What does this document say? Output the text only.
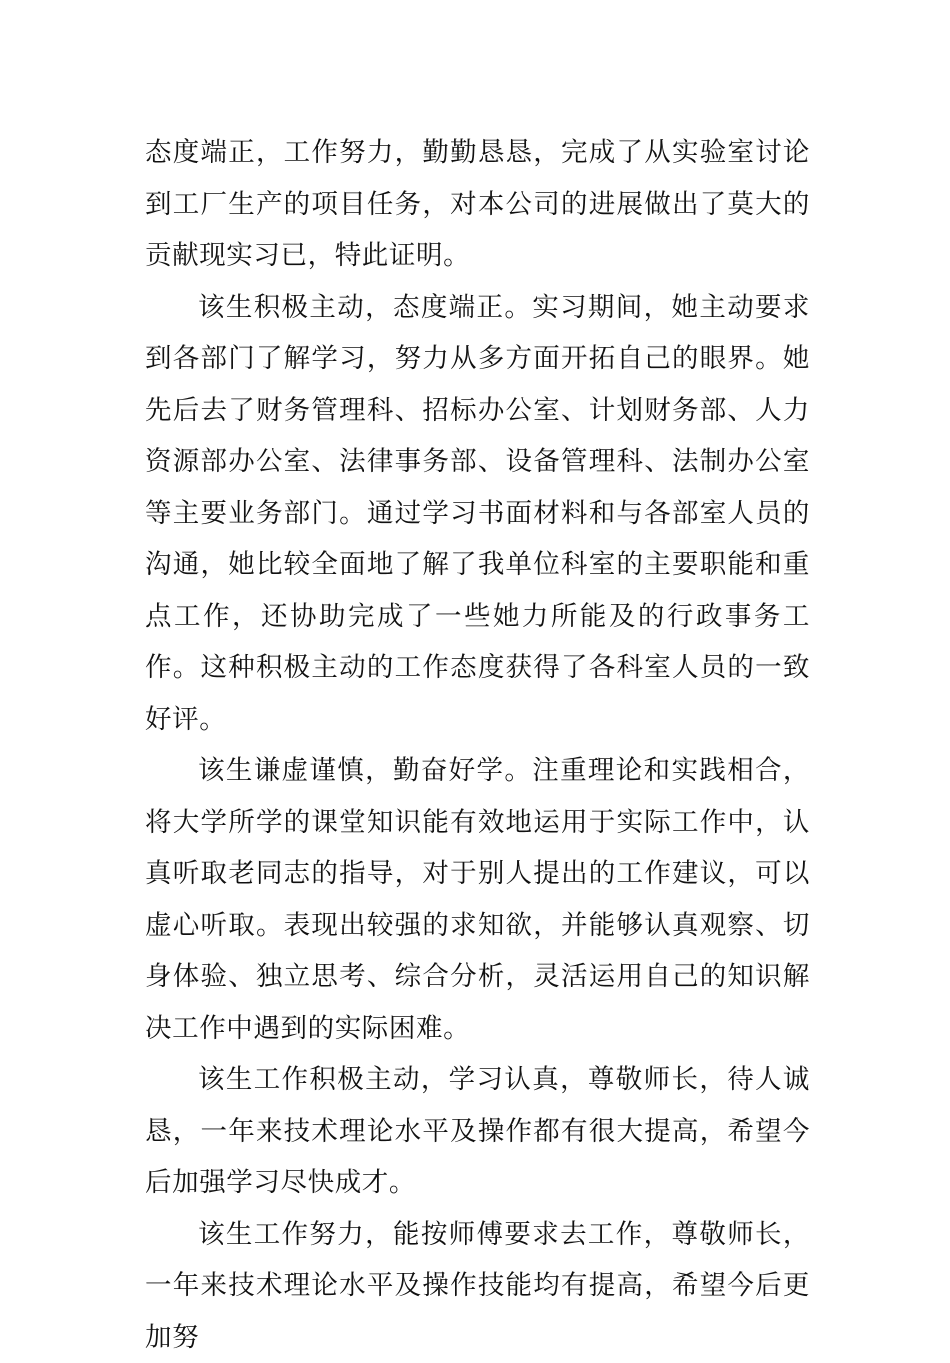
态度端正，工作努力，勤勤恳恳，完成了从实验室讨论到工厂生产的项目任务，对本公司的进展做出了莫大的贡献现实习已，特此证明。

该生积极主动，态度端正。实习期间，她主动要求到各部门了解学习，努力从多方面开拓自己的眼界。她先后去了财务管理科、招标办公室、计划财务部、人力资源部办公室、法律事务部、设备管理科、法制办公室等主要业务部门。通过学习书面材料和与各部室人员的沟通，她比较全面地了解了我单位科室的主要职能和重点工作，还协助完成了一些她力所能及的行政事务工作。这种积极主动的工作态度获得了各科室人员的一致好评。

该生谦虚谨慎，勤奋好学。注重理论和实践相合，将大学所学的课堂知识能有效地运用于实际工作中，认真听取老同志的指导，对于别人提出的工作建议，可以虚心听取。表现出较强的求知欲，并能够认真观察、切身体验、独立思考、综合分析，灵活运用自己的知识解决工作中遇到的实际困难。

该生工作积极主动，学习认真，尊敬师长，待人诚恳，一年来技术理论水平及操作都有很大提高，希望今后加强学习尽快成才。

该生工作努力，能按师傅要求去工作，尊敬师长，一年来技术理论水平及操作技能均有提高，希望今后更加努
